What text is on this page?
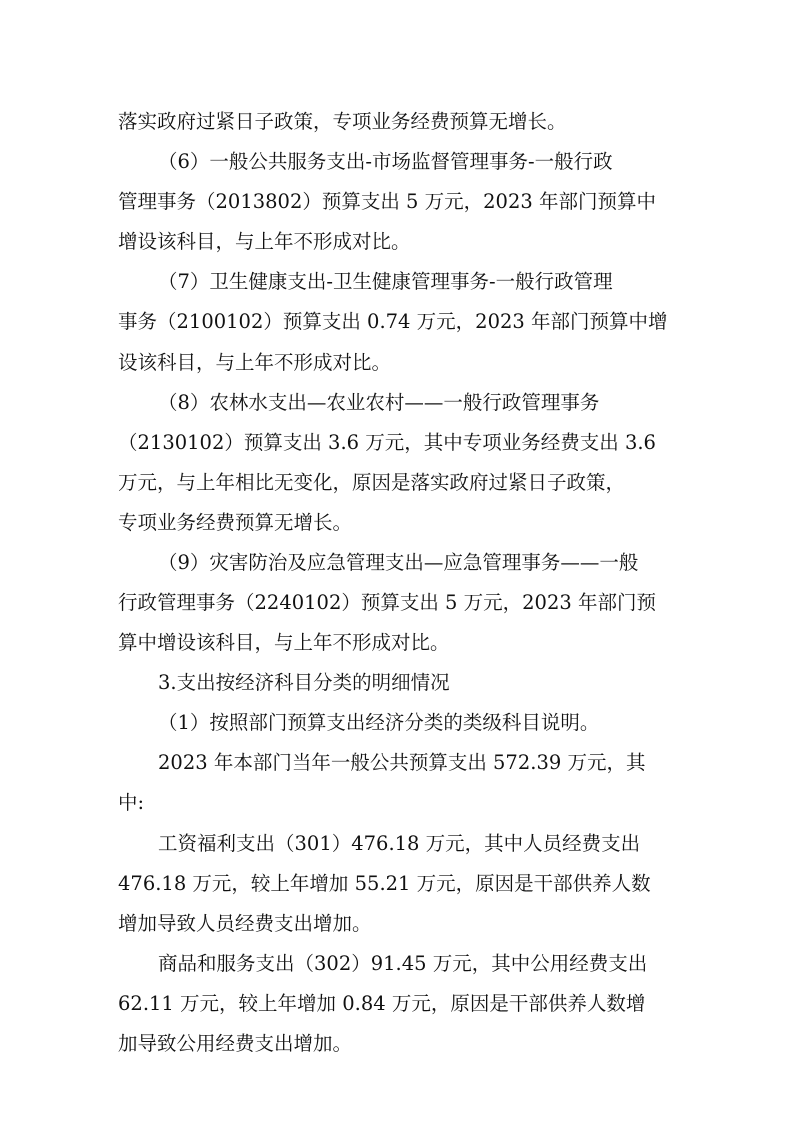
落实政府过紧日子政策，专项业务经费预算无增长。
（6）一般公共服务支出-市场监督管理事务-一般行政
管理事务（2013802）预算支出 5 万元，2023 年部门预算中
增设该科目，与上年不形成对比。
（7）卫生健康支出-卫生健康管理事务-一般行政管理
事务（2100102）预算支出 0.74 万元，2023 年部门预算中增
设该科目，与上年不形成对比。
（8）农林水支出—农业农村——一般行政管理事务
（2130102）预算支出 3.6 万元，其中专项业务经费支出 3.6
万元，与上年相比无变化，原因是落实政府过紧日子政策，
专项业务经费预算无增长。
（9）灾害防治及应急管理支出—应急管理事务——一般
行政管理事务（2240102）预算支出 5 万元，2023 年部门预
算中增设该科目，与上年不形成对比。
3.支出按经济科目分类的明细情况
（1）按照部门预算支出经济分类的类级科目说明。
2023 年本部门当年一般公共预算支出 572.39 万元，其
中:
工资福利支出（301）476.18 万元，其中人员经费支出
476.18 万元，较上年增加 55.21 万元，原因是干部供养人数
增加导致人员经费支出增加。
商品和服务支出（302）91.45 万元，其中公用经费支出
62.11 万元，较上年增加 0.84 万元，原因是干部供养人数增
加导致公用经费支出增加。
